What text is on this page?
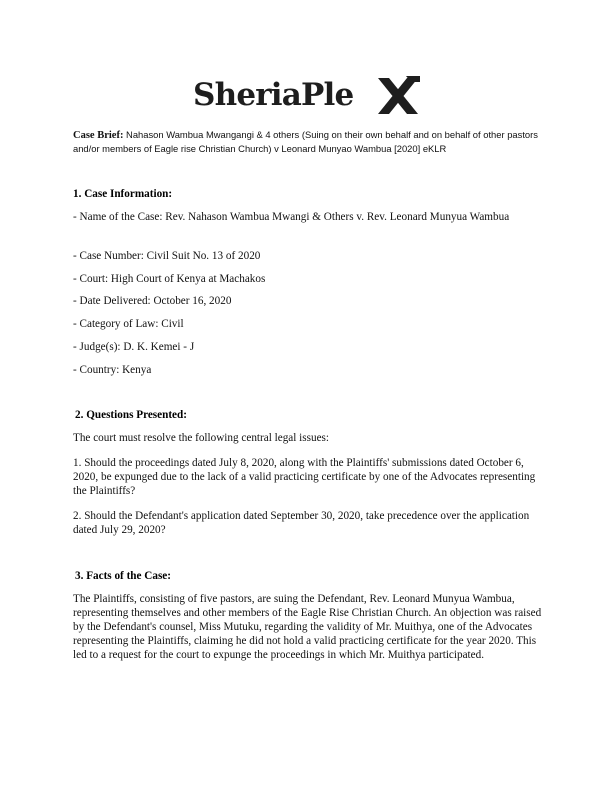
SheriaPle
Case Brief: Nahason Wambua Mwangangi & 4 others (Suing on their own behalf and on behalf of other pastors and/or members of Eagle rise Christian Church) v Leonard Munyao Wambua [2020] eKLR
1. Case Information:
- Name of the Case: Rev. Nahason Wambua Mwangi & Others v. Rev. Leonard Munyua Wambua
- Case Number: Civil Suit No. 13 of 2020
- Court: High Court of Kenya at Machakos
- Date Delivered: October 16, 2020
- Category of Law: Civil
- Judge(s): D. K. Kemei - J
- Country: Kenya
2. Questions Presented:
The court must resolve the following central legal issues:
1. Should the proceedings dated July 8, 2020, along with the Plaintiffs' submissions dated October 6, 2020, be expunged due to the lack of a valid practicing certificate by one of the Advocates representing the Plaintiffs?
2. Should the Defendant's application dated September 30, 2020, take precedence over the application dated July 29, 2020?
3. Facts of the Case:
The Plaintiffs, consisting of five pastors, are suing the Defendant, Rev. Leonard Munyua Wambua, representing themselves and other members of the Eagle Rise Christian Church. An objection was raised by the Defendant's counsel, Miss Mutuku, regarding the validity of Mr. Muithya, one of the Advocates representing the Plaintiffs, claiming he did not hold a valid practicing certificate for the year 2020. This led to a request for the court to expunge the proceedings in which Mr. Muithya participated.
